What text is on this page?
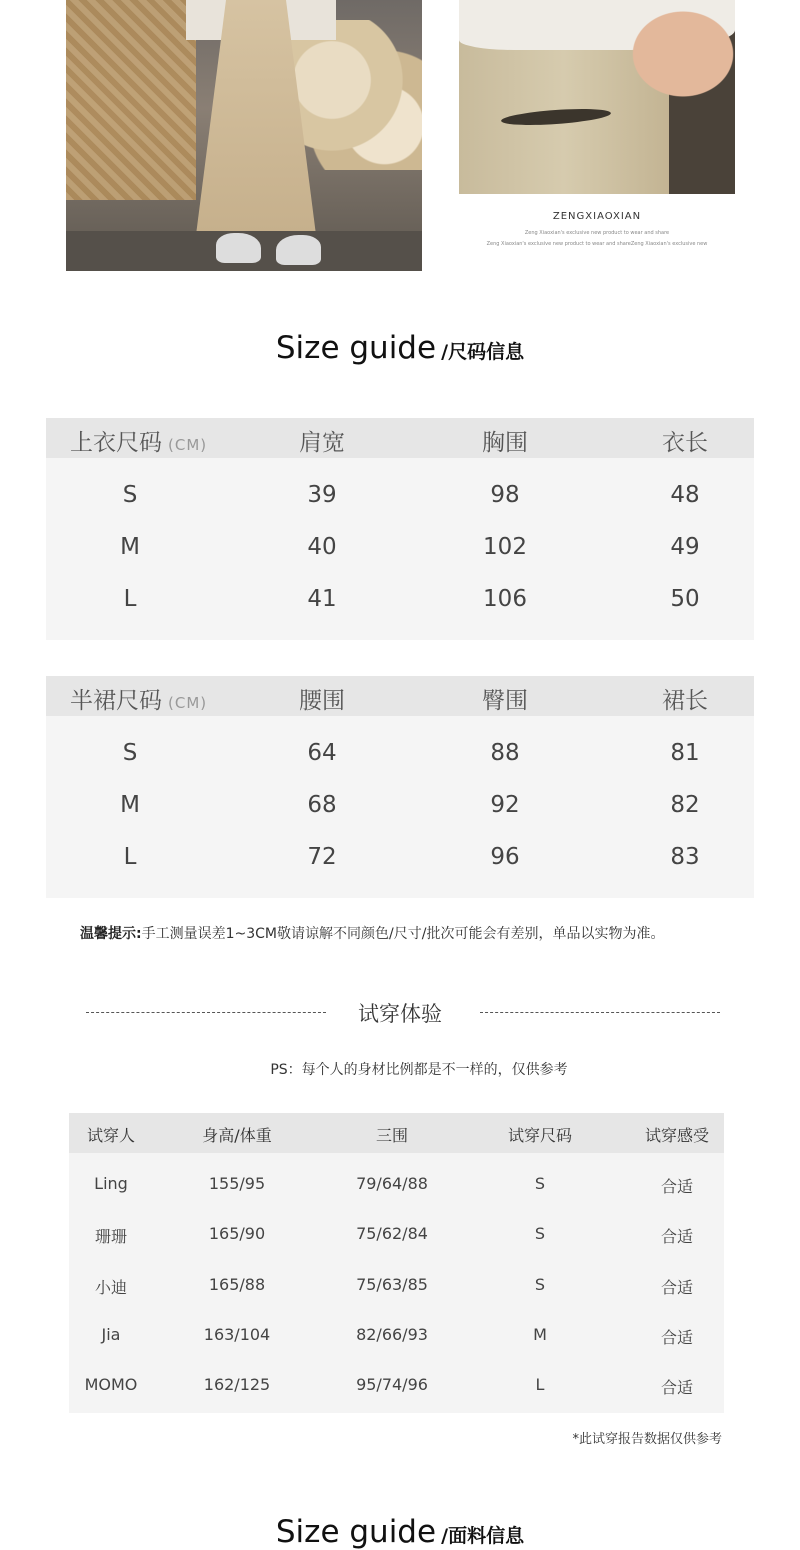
ZENGXIAOXIAN
Zeng Xiaoxian's exclusive new product to wear and share
Zeng Xiaoxian's exclusive new product to wear and shareZeng Xiaoxian's exclusive new
Size guide /尺码信息
上衣尺码 (CM)	肩宽	胸围	衣长
S	39	98	48
M	40	102	49
L	41	106	50
半裙尺码 (CM)	腰围	臀围	裙长
S	64	88	81
M	68	92	82
L	72	96	83
温馨提示:手工测量误差1~3CM敬请谅解不同颜色/尺寸/批次可能会有差别，单品以实物为准。
试穿体验
PS：每个人的身材比例都是不一样的，仅供参考
试穿人	身高/体重	三围	试穿尺码	试穿感受
Ling	155/95	79/64/88	S	合适
珊珊	165/90	75/62/84	S	合适
小迪	165/88	75/63/85	S	合适
Jia	163/104	82/66/93	M	合适
MOMO	162/125	95/74/96	L	合适
*此试穿报告数据仅供参考
Size guide /面料信息
